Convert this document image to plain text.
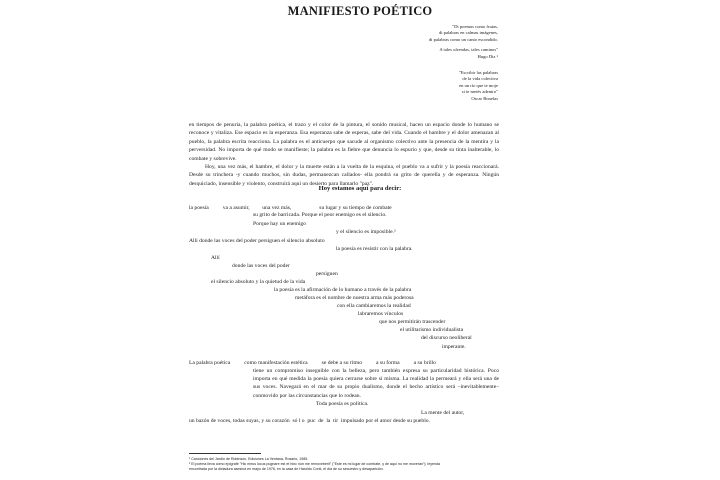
MANIFIESTO POÉTICO
"Di poemas como frutas,
di palabras en calmas imágenes,
di palabras como un canto escondido.
A tales ofrendas, tales caminos"
Hugo Diz ¹
"Escribir las palabras
de la vida colectiva
en un río que te moje
si te metés adentro"
Oscar Bonelas

en tiempos de penuria, la palabra poética, el trazo y el color de la pintura, el sonido musical, hacen un espacio donde lo humano se reconoce y vitaliza. Ese espacio es la esperanza. Esa esperanza sabe de esperas, sabe del vida. Cuando el hambre y el dolor amenazan al pueblo, la palabra escrita reacciona. La palabra es el anticuerpo que sacude al organismo colectivo ante la presencia de la mentira y la perversidad. No importa de qué modo se manifieste; la palabra es la fiebre que denuncia lo espurio y que, desde su tinta inalterable, lo combate y sobrevive.

Hoy, una vez más, el hambre, el dolor y la muerte están a la vuelta de la esquina, el pueblo va a sufrir y la poesía reaccionará. Desde su trinchera -y cuando muchos, sin dudas, permanezcan callados- ella pondrá su grito de querella y de esperanza. Ningún desquiciado, insensible y violento, construirá aquí un desierto para llamarlo "paz".

Hoy estamos aquí para decir:
la poesía          va a asumir,         una vez más,                    su lugar y su tiempo de combate
su grito de barricada. Porque el peor enemigo es el silencio.
Porque hay un enemigo
y el silencio es imposible.²
Allí donde las voces del poder persiguen el silencio absoluto
la poesía es resistir con la palabra.
Allí
donde las voces del poder
persiguen
el silencio absoluto y la quietud de la vida
la poesía es la afirmación de lo humano a través de la palabra
metáfora es el nombre de nuestra arma más poderosa
con ella cambiaremos la realidad
labraremos vínculos
que nos permitirán trascender
el utilitarismo individualista
del discurso neoliberal
imperante.
La palabra poética          como manifestación estética          se debe a su ritmo          a su forma          a su brillo

tiene un compromiso inseguible con la belleza, pero también expresa su particularidad histórica. Poco importa en qué medida la poesía quiera cerrarse sobre sí misma. La realidad la permeará y ella será una de sus voces. Navegará en el mar de su propio dualismo, donde el hecho artístico será –inevitablemente– conmovido por las circunstancias que lo rodean.

Toda poesía es política.
La mente del autor,
un bazón de voces, todas suyas, y su corazón  só l o  puc  de  la  tir  impulsado por el amor desde su pueblo.
¹ Canciones del Jardín de Robinson, Ediciones La Ventana, Rosario, 1985.
² El poema lleva como epígrafe "Hic meus locus pugnare est et hinc non me removeberit" ("Este es mi lugar de combate, y de aquí no me moverán"); leyenda
encontrada por la dictadura asesina en mayo de 1976, en la casa de Haroldo Conti, el día de su secuestro y desaparición.
